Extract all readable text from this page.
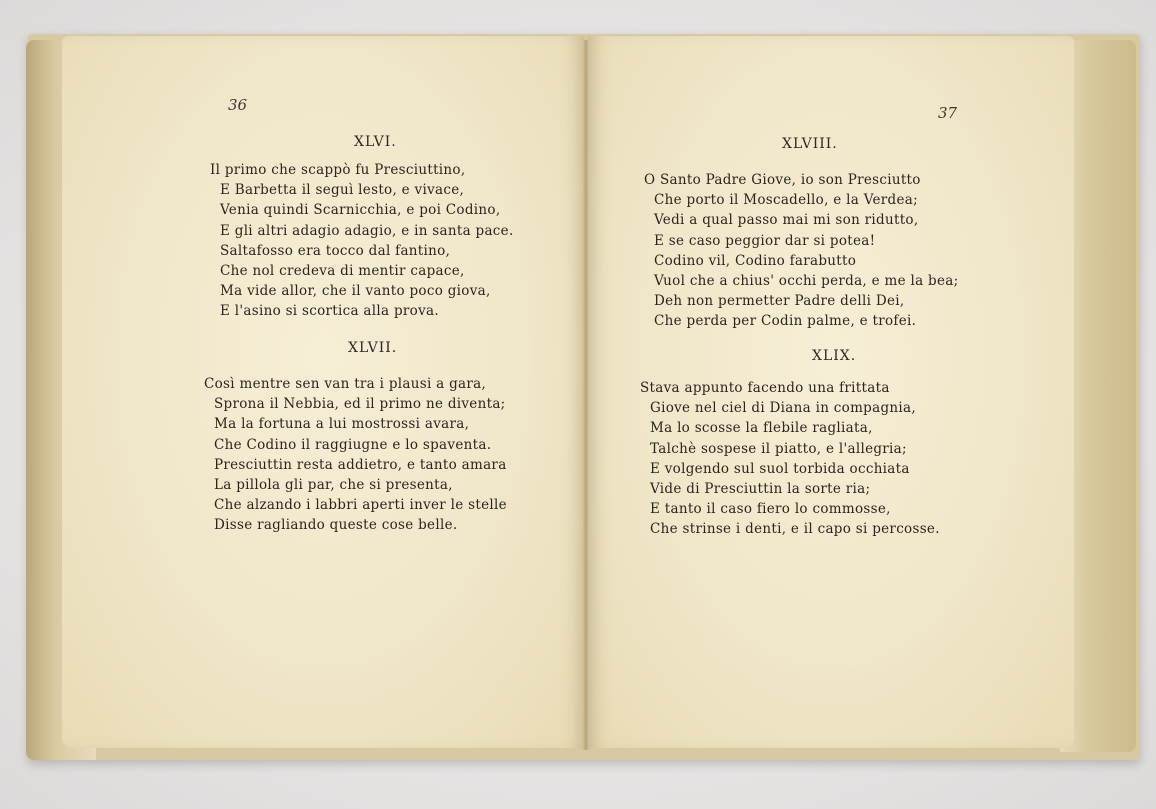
36
XLVI.
Il primo che scappò fu Presciuttino,
E Barbetta il seguì lesto, e vivace,
Venia quindi Scarnicchia, e poi Codino,
E gli altri adagio adagio, e in santa pace.
Saltafosso era tocco dal fantino,
Che nol credeva di mentir capace,
Ma vide allor, che il vanto poco giova,
E l'asino si scortica alla prova.
XLVII.
Così mentre sen van tra i plausi a gara,
Sprona il Nebbia, ed il primo ne diventa;
Ma la fortuna a lui mostrossi avara,
Che Codino il raggiugne e lo spaventa.
Presciuttin resta addietro, e tanto amara
La pillola gli par, che si presenta,
Che alzando i labbri aperti inver le stelle
Disse ragliando queste cose belle.
37
XLVIII.
O Santo Padre Giove, io son Presciutto
Che porto il Moscadello, e la Verdea;
Vedi a qual passo mai mi son ridutto,
E se caso peggior dar si potea!
Codino vil, Codino farabutto
Vuol che a chius' occhi perda, e me la bea;
Deh non permetter Padre delli Dei,
Che perda per Codin palme, e trofei.
XLIX.
Stava appunto facendo una frittata
Giove nel ciel di Diana in compagnia,
Ma lo scosse la flebile ragliata,
Talchè sospese il piatto, e l'allegria;
E volgendo sul suol torbida occhiata
Vide di Presciuttin la sorte ria;
E tanto il caso fiero lo commosse,
Che strinse i denti, e il capo si percosse.
